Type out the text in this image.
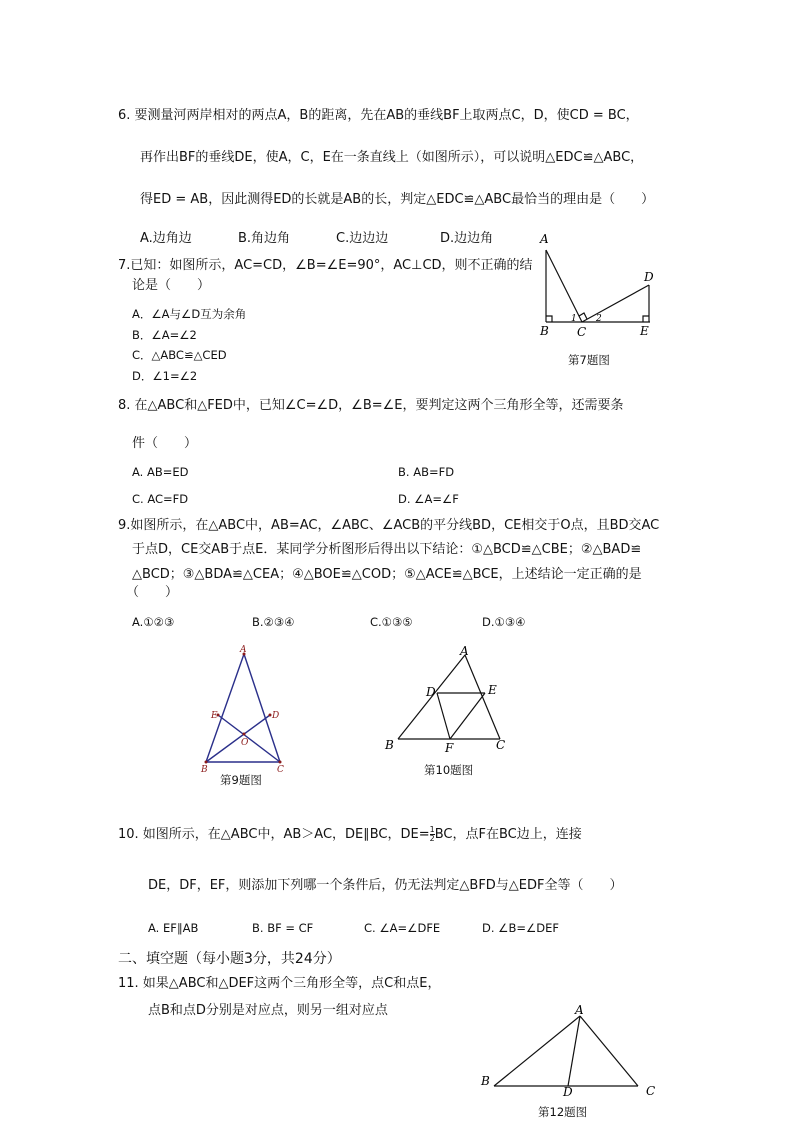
6. 要测量河两岸相对的两点A，B的距离，先在AB的垂线BF上取两点C，D，使CD = BC，
再作出BF的垂线DE，使A，C，E在一条直线上（如图所示），可以说明△EDC≌△ABC，
得ED = AB，因此测得ED的长就是AB的长，判定△EDC≌△ABC最恰当的理由是（　　）
A.边角边	B.角边角	C.边边边	D.边边角
7.已知：如图所示，AC=CD，∠B=∠E=90°，AC⊥CD，则不正确的结
论是（　　）
A．∠A与∠D互为余角
B．∠A=∠2
C．△ABC≌△CED
D．∠1=∠2
A
B C
D
E
1 2
第7题图
8. 在△ABC和△FED中，已知∠C=∠D，∠B=∠E，要判定这两个三角形全等，还需要条
件（　　）
A. AB=ED	B. AB=FD
C. AC=FD	D. ∠A=∠F
9.如图所示，在△ABC中，AB=AC，∠ABC、∠ACB的平分线BD，CE相交于O点，且BD交AC
于点D，CE交AB于点E．某同学分析图形后得出以下结论：①△BCD≌△CBE；②△BAD≌
△BCD；③△BDA≌△CEA；④△BOE≌△COD；⑤△ACE≌△BCE，上述结论一定正确的是
（　　）
A.①②③	B.②③④	C.①③⑤	D.①③④
A
B	C
D
E
O
第9题图
A
B	C
D	E
F
第10题图
10. 如图所示，在△ABC中，AB＞AC，DE∥BC，$DE= \frac{1}{2}$ BC，点F在BC边上，连接
DE，DF，EF，则添加下列哪一个条件后，仍无法判定△BFD与△EDF全等（　　）
A. EF∥AB	B. BF = CF	C. ∠A=∠DFE	D. ∠B=∠DEF
二、填空题（每小题3分，共24分）
11. 如果△ABC和△DEF这两个三角形全等，点C和点E，
点B和点D分别是对应点，则另一组对应点	A
B
C
D
第12题图
